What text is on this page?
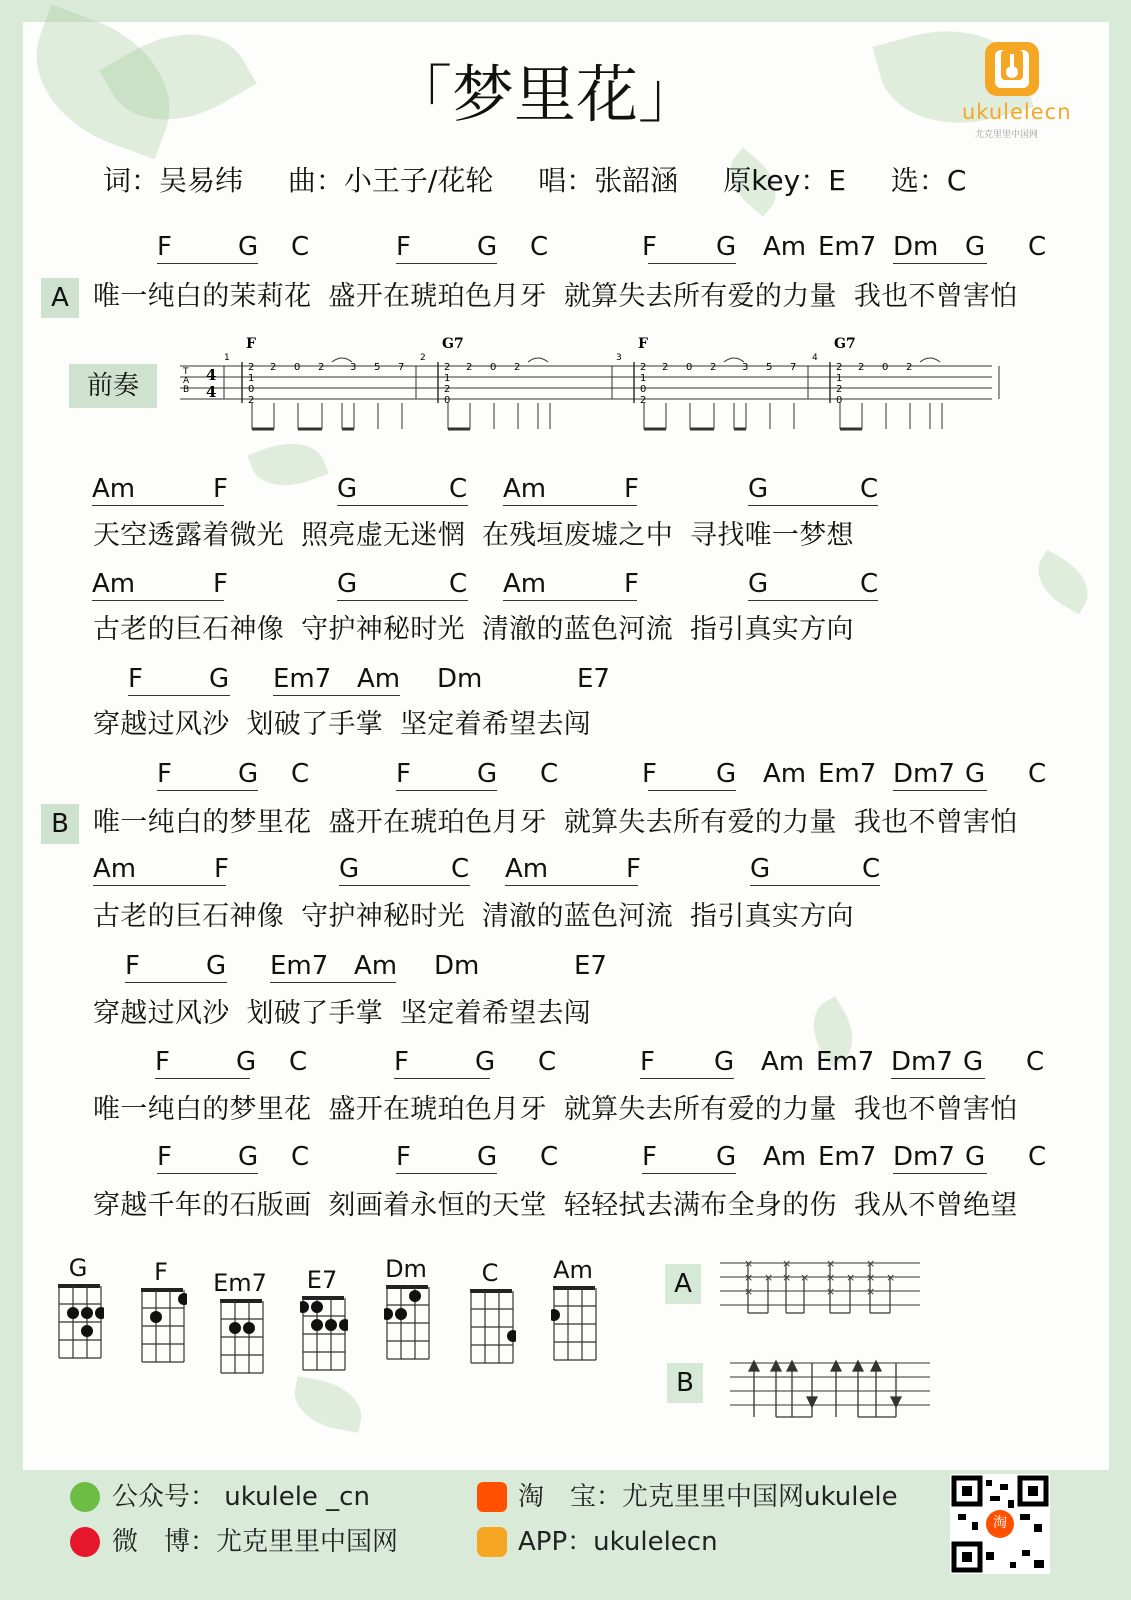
「梦里花」	ukulelecn
尤克里里中国网
词：吴易纬 曲：小王子/花轮 唱：张韶涵 原key：E 选：C
A
前奏
B
F	G C	F	G C	F G Am Em7 Dm G C
唯一纯白的茉莉花 盛开在琥珀色月牙 就算失去所有爱的力量 我也不曾害怕
Am	F	G	C Am	F	G	C
天空透露着微光 照亮虚无迷惘 在残垣废墟之中 寻找唯一梦想
Am	F	G	C Am	F	G	C
古老的巨石神像 守护神秘时光 清澈的蓝色河流 指引真实方向
F	G Em7 Am Dm	E7
穿越过风沙 划破了手掌 坚定着希望去闯
F	G C	F	G C	F G Am Em7 Dm7 G C
唯一纯白的梦里花 盛开在琥珀色月牙 就算失去所有爱的力量 我也不曾害怕
Am	F	G	C Am	F	G	C
古老的巨石神像 守护神秘时光 清澈的蓝色河流 指引真实方向
F	G Em7 Am Dm	E7
穿越过风沙 划破了手掌 坚定着希望去闯
F	G C	F	G C	F G Am Em7 Dm7 G C
唯一纯白的梦里花 盛开在琥珀色月牙 就算失去所有爱的力量 我也不曾害怕
F	G C	F	G C	F G Am Em7 Dm7 G C
穿越千年的石版画 刻画着永恒的天堂 轻轻拭去满布全身的伤 我从不曾绝望
T
A
B
4
4
1
F
2
1
0
2
2 0 2	3 5 7
2
G7
2
1
2
0
2 0 2
3
F
2
1
0
2
2 0 2	3 5 7
4
G7
2
1
2
0
2 0 2
G	F	Em7	E7	Dm	C	Am	A
B
×
×
×
×
× ×
×
× ×
×
× ×
×	×	×
公众号： ukulele _cn
微　博：尤克里里中国网
淘　宝：尤克里里中国网ukulele
APP：ukulelecn
淘
